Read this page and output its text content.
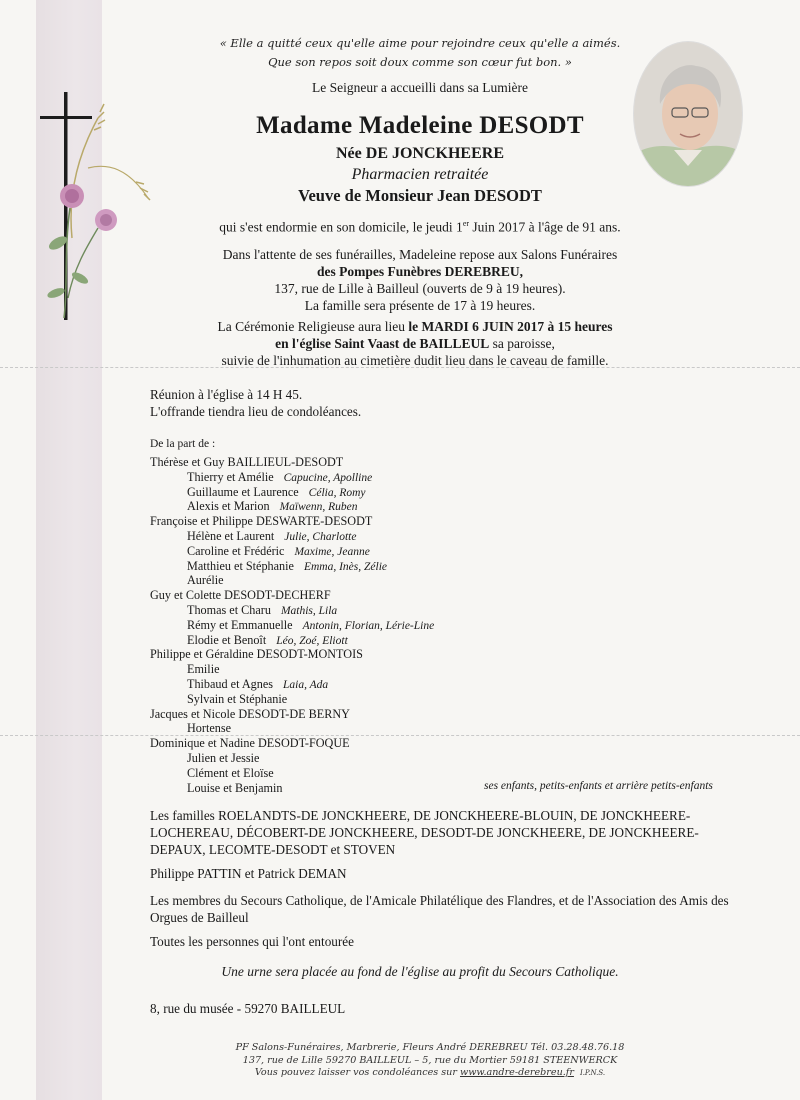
« Elle a quitté ceux qu'elle aime pour rejoindre ceux qu'elle a aimés.
Que son repos soit doux comme son cœur fut bon. »
Le Seigneur a accueilli dans sa Lumière
Madame Madeleine DESODT
Née DE JONCKHEERE
Pharmacien retraitée
Veuve de Monsieur Jean DESODT
qui s'est endormie en son domicile, le jeudi 1er Juin 2017 à l'âge de 91 ans.
Dans l'attente de ses funérailles, Madeleine repose aux Salons Funéraires
des Pompes Funèbres DEREBREU,
137, rue de Lille à Bailleul (ouverts de 9 à 19 heures).
La famille sera présente de 17 à 19 heures.
La Cérémonie Religieuse aura lieu le MARDI 6 JUIN 2017 à 15 heures
en l'église Saint Vaast de BAILLEUL sa paroisse,
suivie de l'inhumation au cimetière dudit lieu dans le caveau de famille.
Réunion à l'église à 14 H 45.
L'offrande tiendra lieu de condoléances.
De la part de :
Thérèse et Guy BAILLIEUL-DESODT
Thierry et Amélie Capucine, Apolline
Guillaume et Laurence Célia, Romy
Alexis et Marion Maïwenn, Ruben
Françoise et Philippe DESWARTE-DESODT
Hélène et Laurent Julie, Charlotte
Caroline et Frédéric Maxime, Jeanne
Matthieu et Stéphanie Emma, Inès, Zélie
Aurélie
Guy et Colette DESODT-DECHERF
Thomas et Charu Mathis, Lila
Rémy et Emmanuelle Antonin, Florian, Lérie-Line
Elodie et Benoît Léo, Zoé, Eliott
Philippe et Géraldine DESODT-MONTOIS
Emilie
Thibaud et Agnes Laia, Ada
Sylvain et Stéphanie
Jacques et Nicole DESODT-DE BERNY
Hortense
Dominique et Nadine DESODT-FOQUE
Julien et Jessie
Clément et Eloïse
Louise et Benjamin	ses enfants, petits-enfants et arrière petits-enfants
Les familles ROELANDTS-DE JONCKHEERE, DE JONCKHEERE-BLOUIN, DE JONCKHEERE-LOCHEREAU, DÉCOBERT-DE JONCKHEERE, DESODT-DE JONCKHEERE, DE JONCKHEERE-DEPAUX, LECOMTE-DESODT et STOVEN
Philippe PATTIN et Patrick DEMAN
Les membres du Secours Catholique, de l'Amicale Philatélique des Flandres, et de l'Association des Amis des Orgues de Bailleul
Toutes les personnes qui l'ont entourée
Une urne sera placée au fond de l'église au profit du Secours Catholique.
8, rue du musée - 59270 BAILLEUL
PF Salons-Funéraires, Marbrerie, Fleurs André DEREBREU Tél. 03.28.48.76.18
137, rue de Lille 59270 BAILLEUL – 5, rue du Mortier 59181 STEENWERCK
Vous pouvez laisser vos condoléances sur www.andre-derebreu.fr I.P.N.S.
